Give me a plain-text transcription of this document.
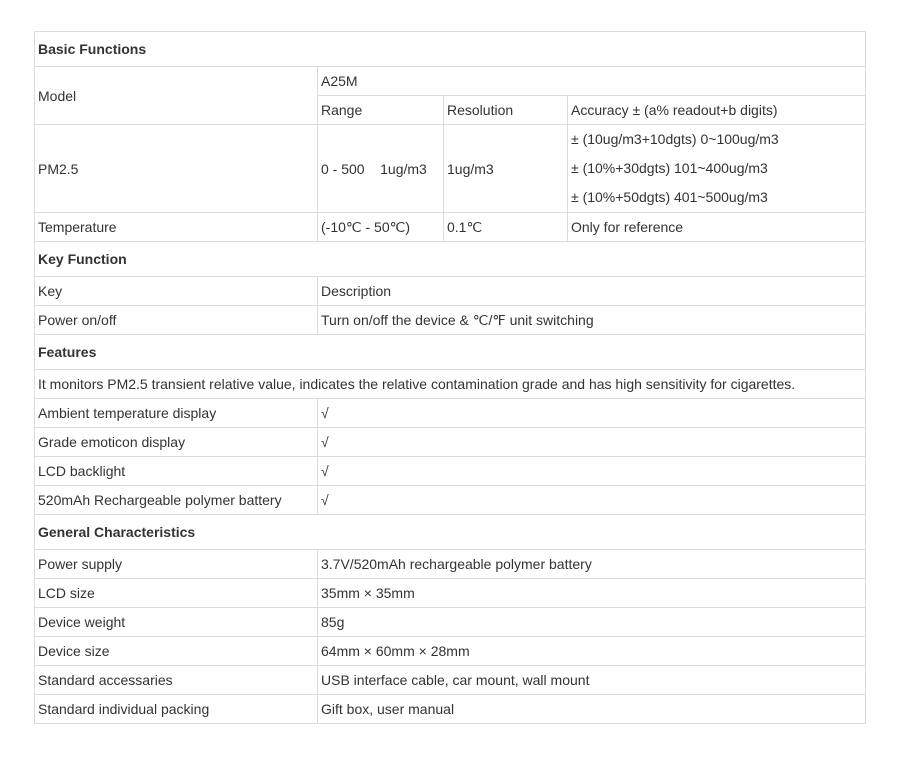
Basic Functions			
Model	A25M		
	Range	Resolution	Accuracy ± (a% readout+b digits)
PM2.5	0 - 500    1ug/m3	1ug/m3	± (10ug/m3+10dgts) 0~100ug/m3
± (10%+30dgts) 101~400ug/m3
± (10%+50dgts) 401~500ug/m3

Temperature	(-10℃ - 50℃)	0.1℃	Only for reference
Key Function			
Key	Description		
Power on/off	Turn on/off the device & ℃/℉ unit switching		
Features			
It monitors PM2.5 transient relative value, indicates the relative contamination grade and has high sensitivity for cigarettes.			
Ambient temperature display	√		
Grade emoticon display	√		
LCD backlight	√		
520mAh Rechargeable polymer battery	√		
General Characteristics			
Power supply	3.7V/520mAh rechargeable polymer battery		
LCD size	35mm × 35mm		
Device weight	85g		
Device size	64mm × 60mm × 28mm		
Standard accessaries	USB interface cable, car mount, wall mount		
Standard individual packing	Gift box, user manual		
